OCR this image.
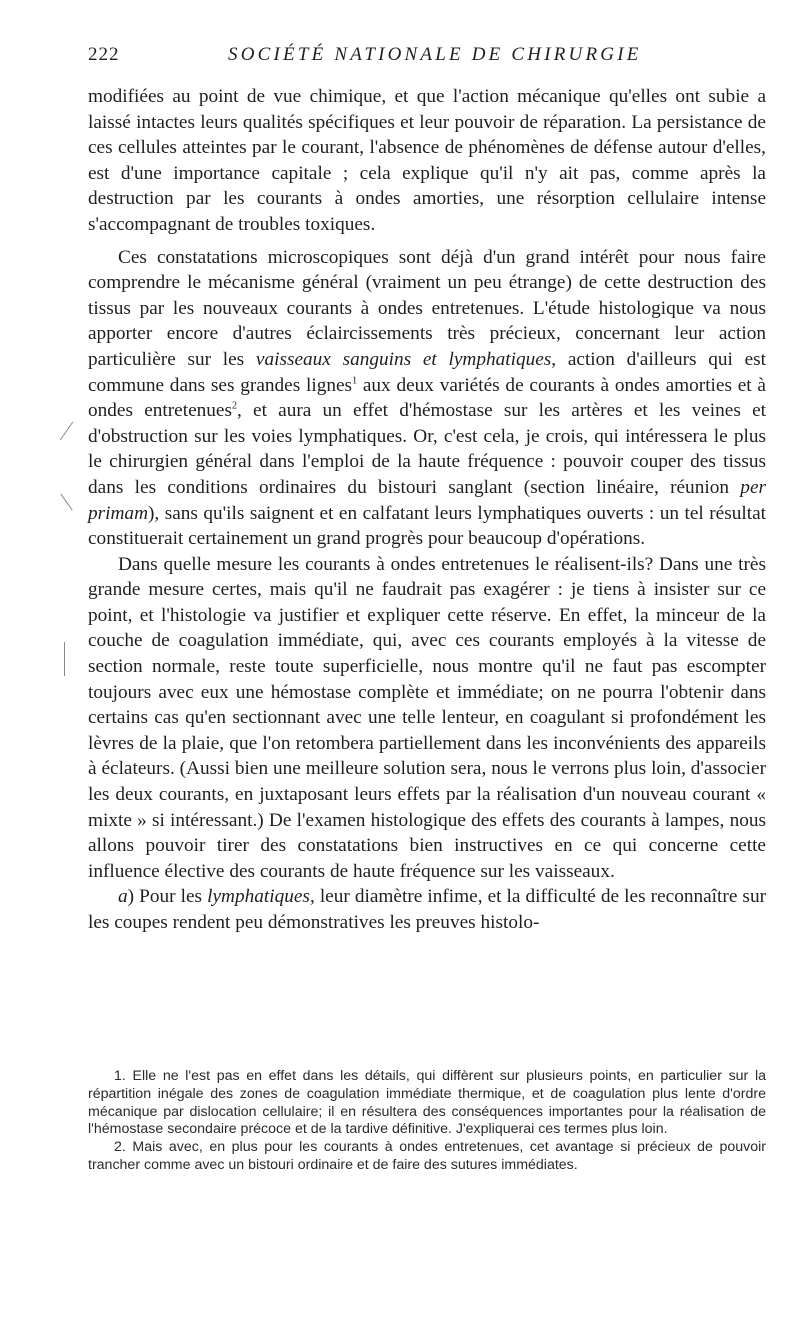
222	SOCIÉTÉ NATIONALE DE CHIRURGIE

modifiées au point de vue chimique, et que l'action mécanique qu'elles ont subie a laissé intactes leurs qualités spécifiques et leur pouvoir de réparation. La persistance de ces cellules atteintes par le courant, l'absence de phénomènes de défense autour d'elles, est d'une importance capitale ; cela explique qu'il n'y ait pas, comme après la destruction par les courants à ondes amorties, une résorption cellulaire intense s'accompagnant de troubles toxiques.

Ces constatations microscopiques sont déjà d'un grand intérêt pour nous faire comprendre le mécanisme général (vraiment un peu étrange) de cette destruction des tissus par les nouveaux courants à ondes entretenues. L'étude histologique va nous apporter encore d'autres éclaircissements très précieux, concernant leur action particulière sur les vaisseaux sanguins et lymphatiques, action d'ailleurs qui est commune dans ses grandes lignes$^1$ aux deux variétés de courants à ondes amorties et à ondes entretenues$^2$, et aura un effet d'hémostase sur les artères et les veines et d'obstruction sur les voies lymphatiques. Or, c'est cela, je crois, qui intéressera le plus le chirurgien général dans l'emploi de la haute fréquence : pouvoir couper des tissus dans les conditions ordinaires du bistouri sanglant (section linéaire, réunion per primam), sans qu'ils saignent et en calfatant leurs lymphatiques ouverts : un tel résultat constituerait certainement un grand progrès pour beaucoup d'opérations.

Dans quelle mesure les courants à ondes entretenues le réalisent-ils? Dans une très grande mesure certes, mais qu'il ne faudrait pas exagérer : je tiens à insister sur ce point, et l'histologie va justifier et expliquer cette réserve. En effet, la minceur de la couche de coagulation immédiate, qui, avec ces courants employés à la vitesse de section normale, reste toute superficielle, nous montre qu'il ne faut pas escompter toujours avec eux une hémostase complète et immédiate; on ne pourra l'obtenir dans certains cas qu'en sectionnant avec une telle lenteur, en coagulant si profondément les lèvres de la plaie, que l'on retombera partiellement dans les inconvénients des appareils à éclateurs. (Aussi bien une meilleure solution sera, nous le verrons plus loin, d'associer les deux courants, en juxtaposant leurs effets par la réalisation d'un nouveau courant « mixte » si intéressant.) De l'examen histologique des effets des courants à lampes, nous allons pouvoir tirer des constatations bien instructives en ce qui concerne cette influence élective des courants de haute fréquence sur les vaisseaux.

a) Pour les lymphatiques, leur diamètre infime, et la difficulté de les reconnaître sur les coupes rendent peu démonstratives les preuves histolo-

1. Elle ne l'est pas en effet dans les détails, qui diffèrent sur plusieurs points, en particulier sur la répartition inégale des zones de coagulation immédiate thermique, et de coagulation plus lente d'ordre mécanique par dislocation cellulaire; il en résultera des conséquences importantes pour la réalisation de l'hémostase secondaire précoce et de la tardive définitive. J'expliquerai ces termes plus loin.

2. Mais avec, en plus pour les courants à ondes entretenues, cet avantage si précieux de pouvoir trancher comme avec un bistouri ordinaire et de faire des sutures immédiates.
